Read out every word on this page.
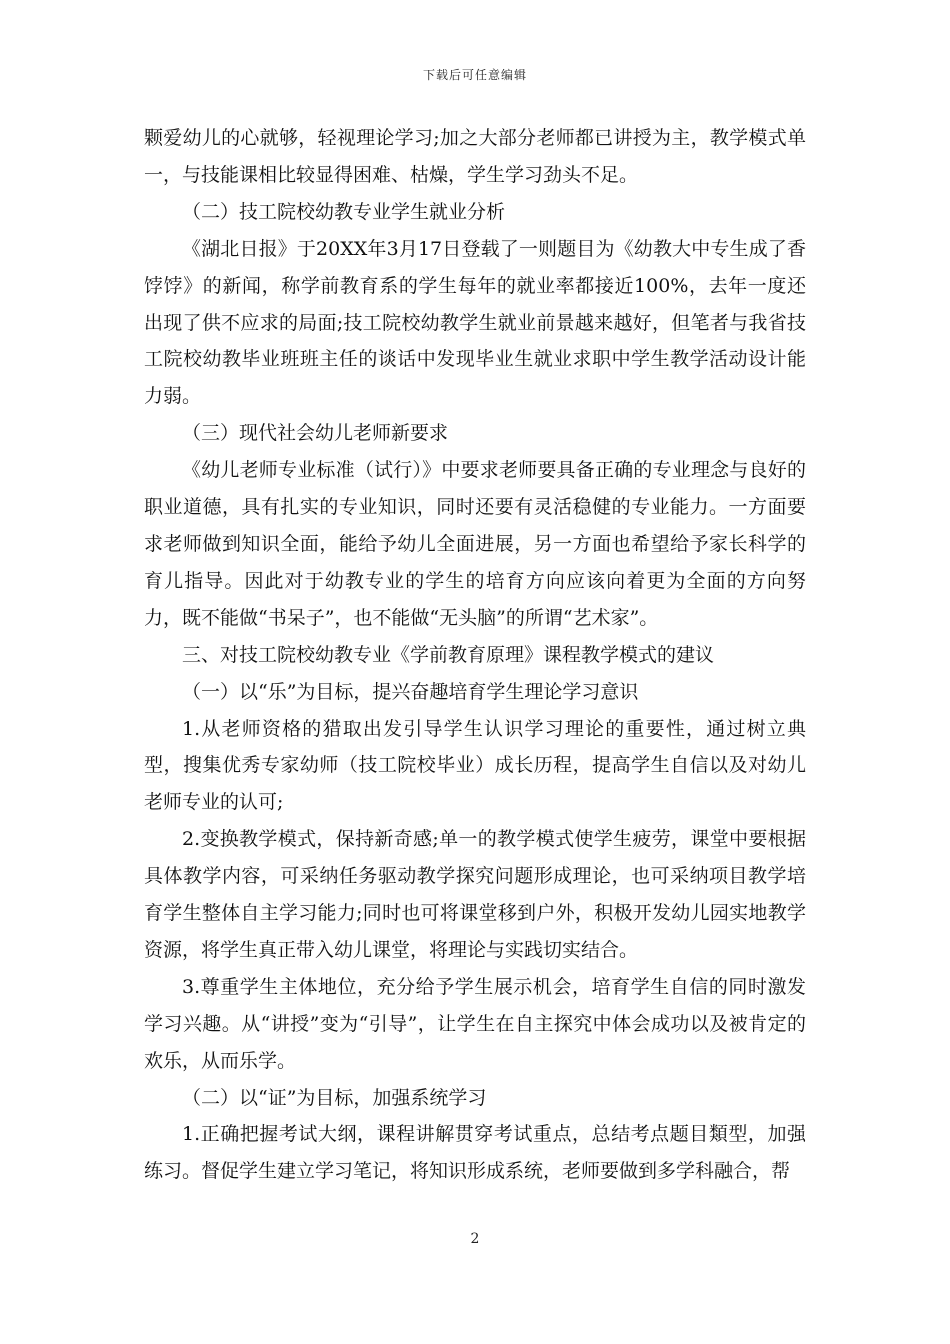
下载后可任意编辑

颗爱幼儿的心就够，轻视理论学习;加之大部分老师都已讲授为主，教学模式单一，与技能课相比较显得困难、枯燥，学生学习劲头不足。

（二）技工院校幼教专业学生就业分析

《湖北日报》于20XX年3月17日登载了一则题目为《幼教大中专生成了香饽饽》的新闻，称学前教育系的学生每年的就业率都接近100%，去年一度还出现了供不应求的局面;技工院校幼教学生就业前景越来越好，但笔者与我省技工院校幼教毕业班班主任的谈话中发现毕业生就业求职中学生教学活动设计能力弱。

（三）现代社会幼儿老师新要求

《幼儿老师专业标准（试行）》中要求老师要具备正确的专业理念与良好的职业道德，具有扎实的专业知识，同时还要有灵活稳健的专业能力。一方面要求老师做到知识全面，能给予幼儿全面进展，另一方面也希望给予家长科学的育儿指导。因此对于幼教专业的学生的培育方向应该向着更为全面的方向努力，既不能做“书呆子”，也不能做“无头脑”的所谓“艺术家”。

三、对技工院校幼教专业《学前教育原理》课程教学模式的建议

（一）以“乐”为目标，提兴奋趣培育学生理论学习意识

1.从老师资格的猎取出发引导学生认识学习理论的重要性，通过树立典型，搜集优秀专家幼师（技工院校毕业）成长历程，提高学生自信以及对幼儿老师专业的认可;

2.变换教学模式，保持新奇感;单一的教学模式使学生疲劳，课堂中要根据具体教学内容，可采纳任务驱动教学探究问题形成理论，也可采纳项目教学培育学生整体自主学习能力;同时也可将课堂移到户外，积极开发幼儿园实地教学资源，将学生真正带入幼儿课堂，将理论与实践切实结合。

3.尊重学生主体地位，充分给予学生展示机会，培育学生自信的同时激发学习兴趣。从“讲授”变为“引导”，让学生在自主探究中体会成功以及被肯定的欢乐，从而乐学。

（二）以“证”为目标，加强系统学习

1.正确把握考试大纲，课程讲解贯穿考试重点，总结考点题目類型，加强练习。督促学生建立学习笔记，将知识形成系统，老师要做到多学科融合，帮

2
